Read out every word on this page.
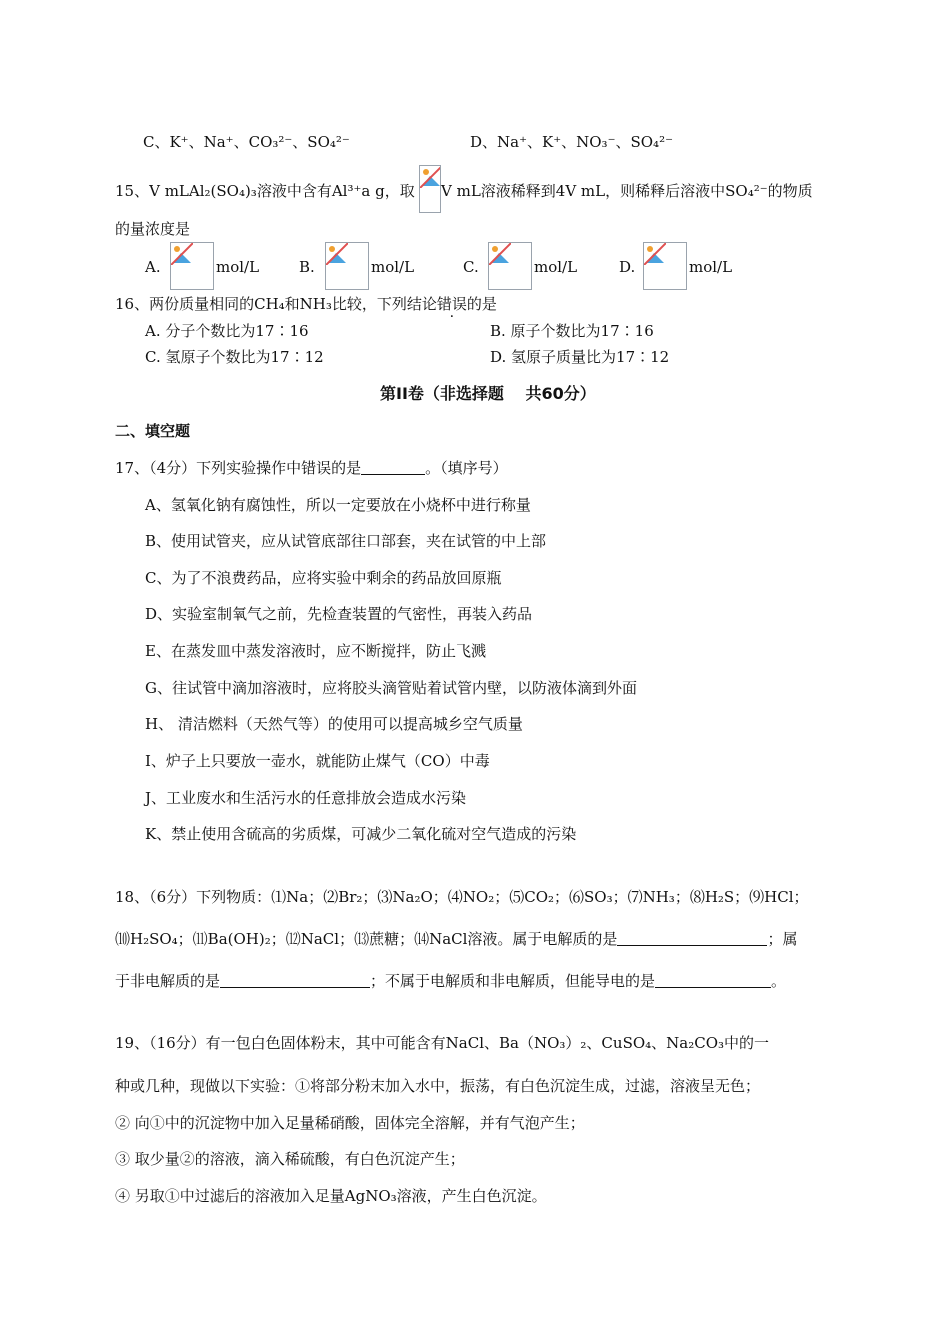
C、K⁺、Na⁺、CO₃²⁻、SO₄²⁻	D、Na⁺、K⁺、NO₃⁻、SO₄²⁻
15、V mLAl₂(SO₄)₃溶液中含有Al³⁺a g，取 V mL溶液稀释到4V mL，则稀释后溶液中SO₄²⁻的物质
的量浓度是
A.	mol/L	B.	mol/L	C.	mol/L	D.	mol/L
16、两份质量相同的CH₄和NH₃比较，下列结论错误的是
A. 分子个数比为17∶16	B. 原子个数比为17∶16
C. 氢原子个数比为17∶12	D. 氢原子质量比为17∶12
第II卷（非选择题　 共60分）
二、填空题
17、（4分）下列实验操作中错误的是	。（填序号）
A、氢氧化钠有腐蚀性，所以一定要放在小烧杯中进行称量
B、使用试管夹，应从试管底部往口部套，夹在试管的中上部
C、为了不浪费药品，应将实验中剩余的药品放回原瓶
D、实验室制氧气之前，先检查装置的气密性，再装入药品
E、在蒸发皿中蒸发溶液时，应不断搅拌，防止飞溅
G、往试管中滴加溶液时，应将胶头滴管贴着试管内壁，以防液体滴到外面
H、 清洁燃料（天然气等）的使用可以提高城乡空气质量
I、炉子上只要放一壶水，就能防止煤气（CO）中毒
J、工业废水和生活污水的任意排放会造成水污染
K、禁止使用含硫高的劣质煤，可减少二氧化硫对空气造成的污染
18、（6分）下列物质：⑴Na；⑵Br₂；⑶Na₂O；⑷NO₂；⑸CO₂；⑹SO₃；⑺NH₃；⑻H₂S；⑼HCl；
⑽H₂SO₄；⑾Ba(OH)₂；⑿NaCl；⒀蔗糖；⒁NaCl溶液。属于电解质的是	；属
于非电解质的是	；不属于电解质和非电解质，但能导电的是	。
19、（16分）有一包白色固体粉末，其中可能含有NaCl、Ba（NO₃）₂、CuSO₄、Na₂CO₃中的一
种或几种，现做以下实验：①将部分粉末加入水中，振荡，有白色沉淀生成，过滤，溶液呈无色；
② 向①中的沉淀物中加入足量稀硝酸，固体完全溶解，并有气泡产生；
③ 取少量②的溶液，滴入稀硫酸，有白色沉淀产生；
④ 另取①中过滤后的溶液加入足量AgNO₃溶液，产生白色沉淀。
